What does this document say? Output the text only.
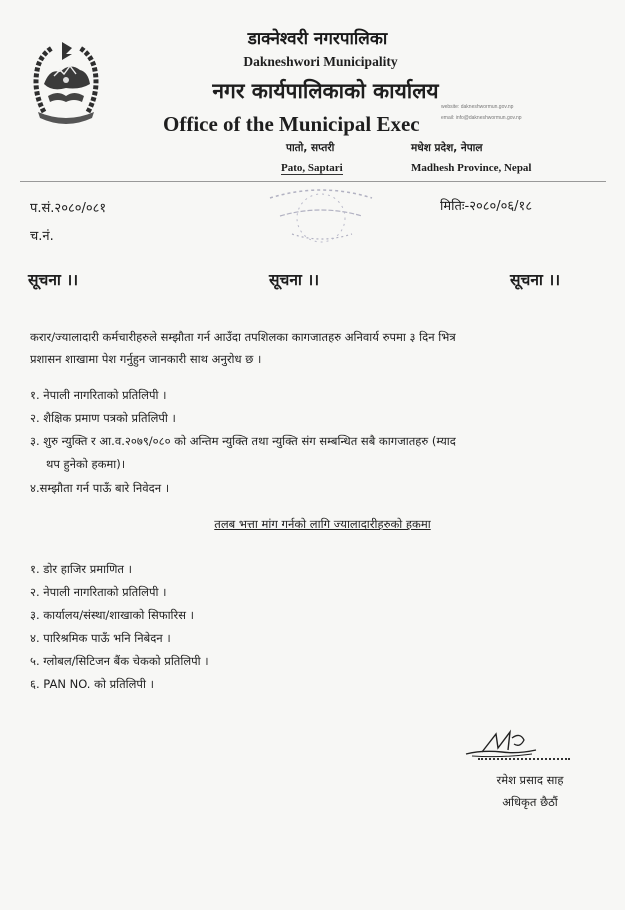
डाक्नेश्वरी नगरपालिका
Dakneshwori Municipality
नगर कार्यपालिकाको कार्यालय
Office of the Municipal Exec
website: dakneshwormun.gov.np
email: info@dakneshwormun.gov.np
पातो, सप्तरी
Pato, Saptari
मधेश प्रदेश, नेपाल
Madhesh Province, Nepal
प.सं.२०८०/०८१
च.नं.
मितिः-२०८०/०६/१८
सूचना ।।	सूचना ।।	सूचना ।।
करार/ज्यालादारी कर्मचारीहरुले सम्झौता गर्न आउँदा तपशिलका कागजातहरु अनिवार्य रुपमा ३ दिन भित्र
प्रशासन शाखामा पेश गर्नुहुन जानकारी साथ अनुरोध छ ।
१. नेपाली नागरिताको प्रतिलिपी ।
२. शैक्षिक प्रमाण पत्रको प्रतिलिपी ।
३. शुरु न्युक्ति र आ.व.२०७९/०८० को अन्तिम न्युक्ति तथा न्युक्ति संग सम्बन्धित सबै कागजातहरु (म्याद
थप हुनेको हकमा)।
४.सम्झौता गर्न पाऊँ बारे निवेदन ।
तलब भत्ता मांग गर्नको लागि ज्यालादारीहरुको हकमा
१. डोर हाजिर प्रमाणित ।
२. नेपाली नागरिताको प्रतिलिपी ।
३. कार्यालय/संस्था/शाखाको सिफारिस ।
४. पारिश्रमिक पाऊँ भनि निबेदन ।
५. ग्लोबल/सिटिजन बैंक चेकको प्रतिलिपी ।
६. PAN NO. को प्रतिलिपी ।
रमेश प्रसाद साह
अधिकृत छैठौं
